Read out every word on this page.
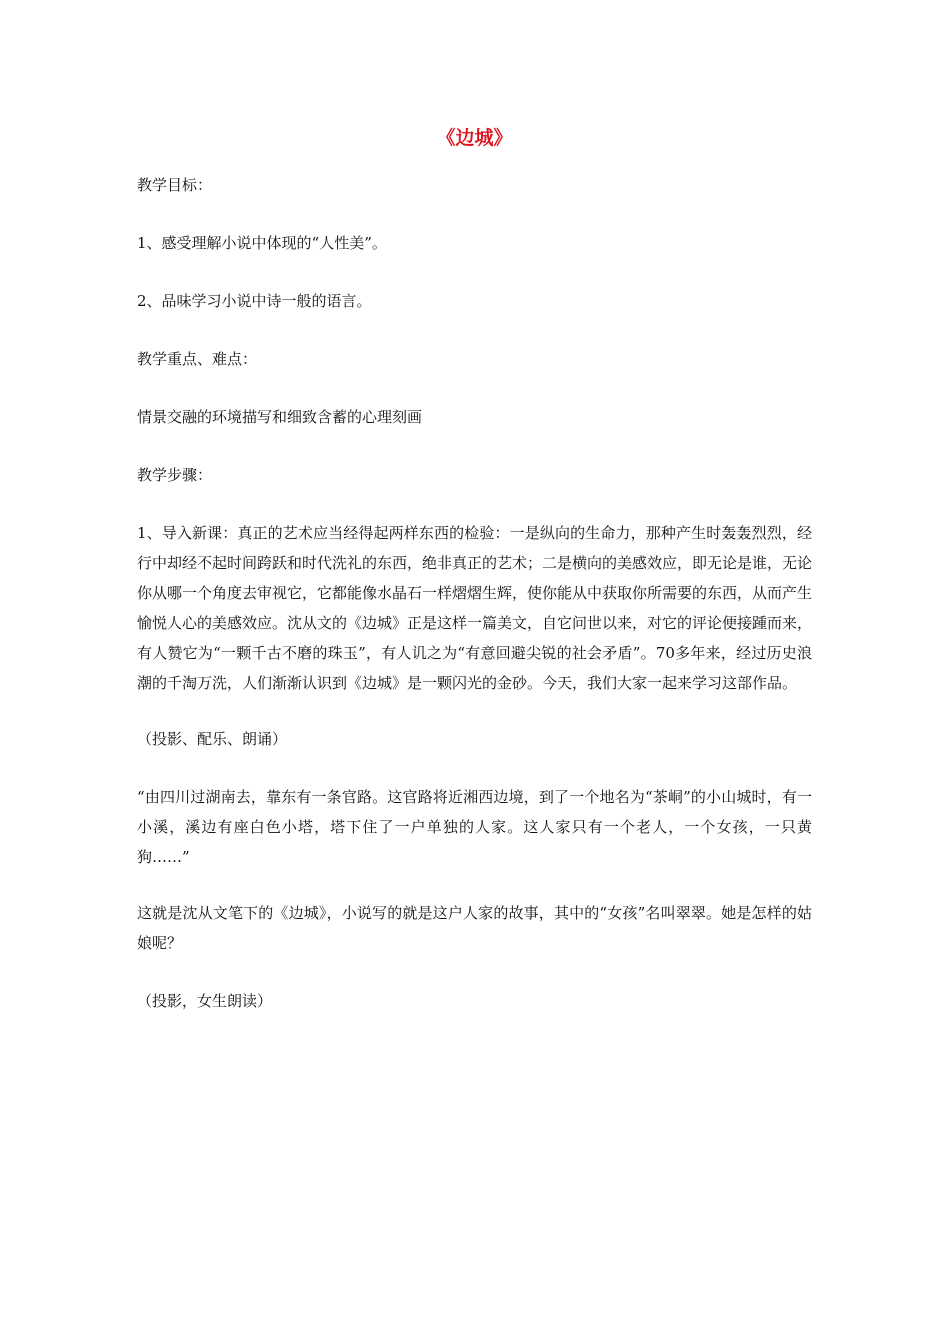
《边城》

教学目标：

1、感受理解小说中体现的“人性美”。

2、品味学习小说中诗一般的语言。

教学重点、难点：

情景交融的环境描写和细致含蓄的心理刻画

教学步骤：

1、导入新课：真正的艺术应当经得起两样东西的检验：一是纵向的生命力，那种产生时轰轰烈烈，经行中却经不起时间跨跃和时代洗礼的东西，绝非真正的艺术；二是横向的美感效应，即无论是谁，无论你从哪一个角度去审视它，它都能像水晶石一样熠熠生辉，使你能从中获取你所需要的东西，从而产生愉悦人心的美感效应。沈从文的《边城》正是这样一篇美文，自它问世以来，对它的评论便接踵而来，有人赞它为“一颗千古不磨的珠玉”，有人讥之为“有意回避尖锐的社会矛盾”。70多年来，经过历史浪潮的千淘万洗，人们渐渐认识到《边城》是一颗闪光的金砂。今天，我们大家一起来学习这部作品。

（投影、配乐、朗诵）

“由四川过湖南去，靠东有一条官路。这官路将近湘西边境，到了一个地名为“茶峒”的小山城时，有一小溪，溪边有座白色小塔，塔下住了一户单独的人家。这人家只有一个老人，一个女孩，一只黄狗……”

这就是沈从文笔下的《边城》，小说写的就是这户人家的故事，其中的“女孩”名叫翠翠。她是怎样的姑娘呢？

（投影，女生朗读）
